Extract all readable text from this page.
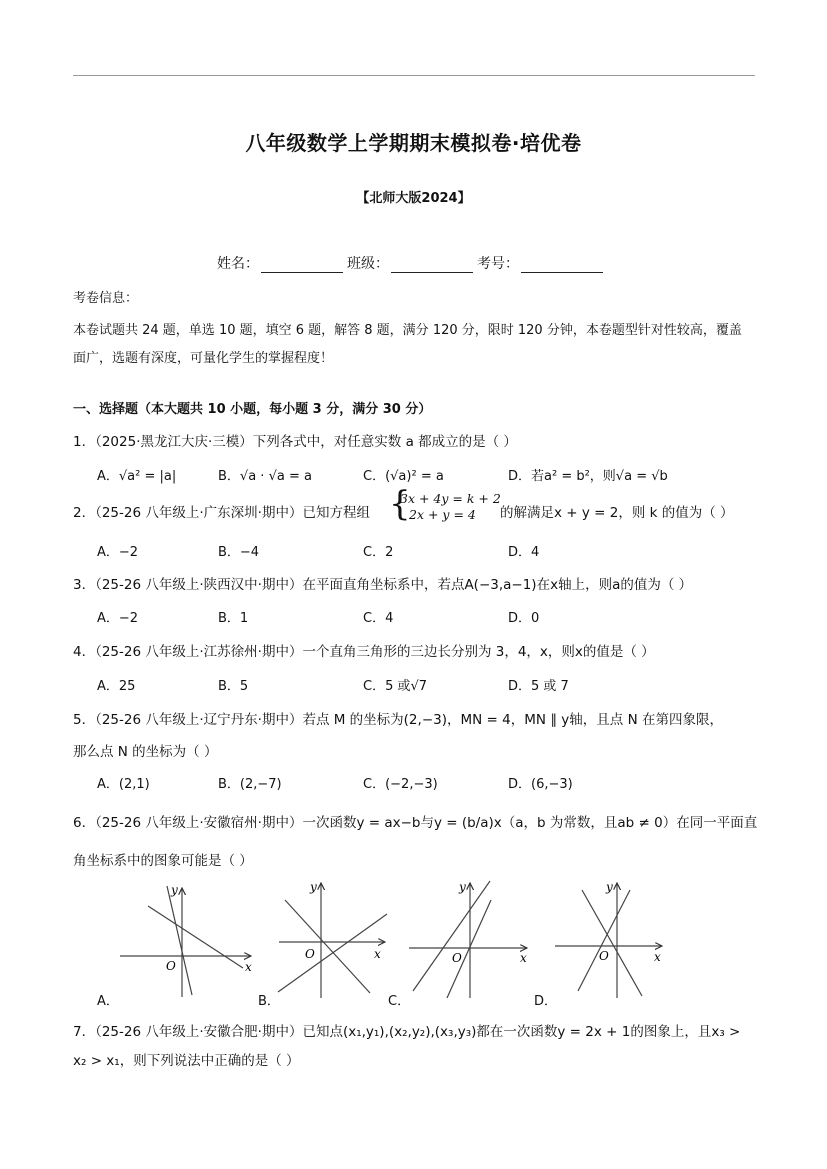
八年级数学上学期期末模拟卷·培优卷
【北师大版2024】
姓名：	班级：	考号：
考卷信息：
本卷试题共 24 题，单选 10 题，填空 6 题，解答 8 题，满分 120 分，限时 120 分钟，本卷题型针对性较高，覆盖
面广，选题有深度，可量化学生的掌握程度！
一、选择题（本大题共 10 小题，每小题 3 分，满分 30 分）
1．（2025·黑龙江大庆·三模）下列各式中，对任意实数 a 都成立的是（ ）
A．√a² = |a|	B．√a · √a = a	C．(√a)² = a	D．若a² = b²，则√a = √b
2．（25-26 八年级上·广东深圳·期中）已知方程组 {
3x + 4y = k + 2
2x + y = 4 的解满足x + y = 2，则 k 的值为（ ）
A．−2	B．−4	C．2	D．4
3．（25-26 八年级上·陕西汉中·期中）在平面直角坐标系中，若点A(−3,a−1)在x轴上，则a的值为（ ）
A．−2	B．1	C．4	D．0
4．（25-26 八年级上·江苏徐州·期中）一个直角三角形的三边长分别为 3，4，x，则x的值是（ ）
A．25	B．5	C．5 或√7	D．5 或 7
5．（25-26 八年级上·辽宁丹东·期中）若点 M 的坐标为(2,−3)，MN = 4，MN ∥ y轴，且点 N 在第四象限，
那么点 N 的坐标为（ ）
A．(2,1)	B．(2,−7)	C．(−2,−3)	D．(6,−3)
6．（25-26 八年级上·安徽宿州·期中）一次函数y = ax−b与y = (b/a)x（a，b 为常数，且ab ≠ 0）在同一平面直
角坐标系中的图象可能是（ ）
x
y
O
A．
x
y
O
B．
x
y
O
C．
x
y
O
D．
7．（25-26 八年级上·安徽合肥·期中）已知点(x₁,y₁),(x₂,y₂),(x₃,y₃)都在一次函数y = 2x + 1的图象上，且x₃ >
x₂ > x₁，则下列说法中正确的是（ ）
